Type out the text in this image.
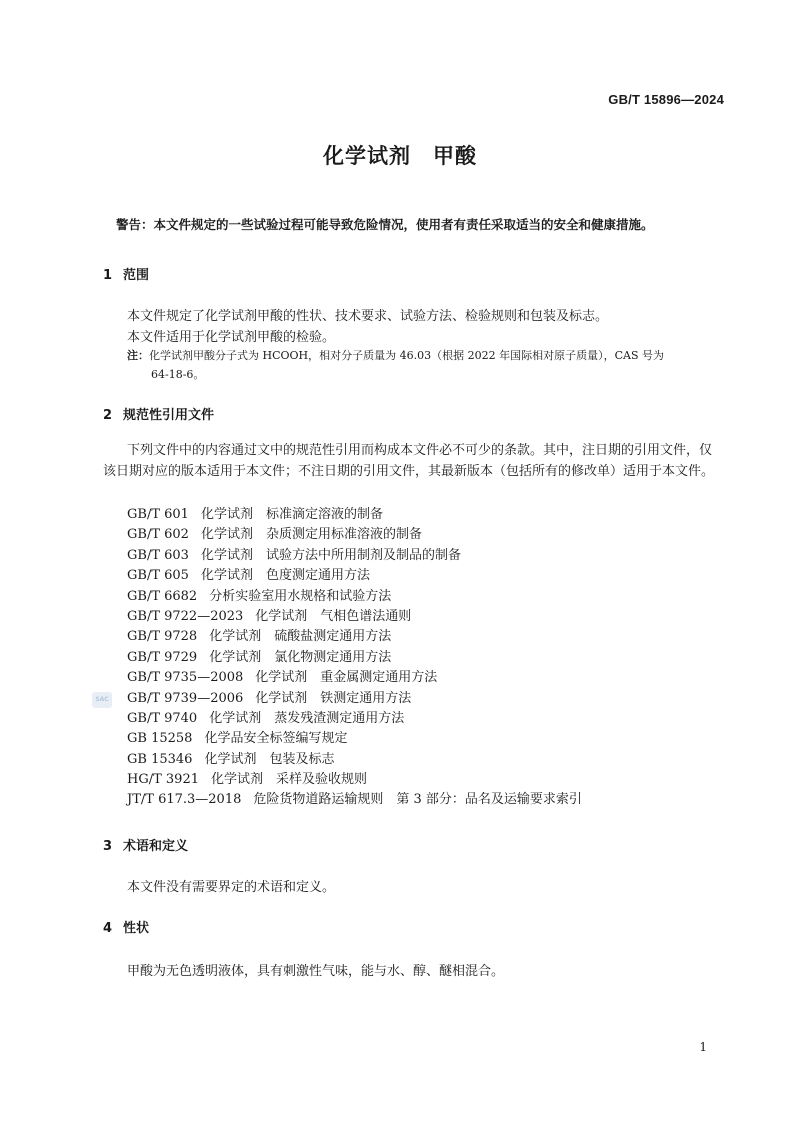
GB/T 15896—2024
化学试剂　甲酸
警告：本文件规定的一些试验过程可能导致危险情况，使用者有责任采取适当的安全和健康措施。
1 范围
本文件规定了化学试剂甲酸的性状、技术要求、试验方法、检验规则和包装及标志。
本文件适用于化学试剂甲酸的检验。
注：化学试剂甲酸分子式为 HCOOH，相对分子质量为 46.03（根据 2022 年国际相对原子质量），CAS 号为
64-18-6。
2 规范性引用文件
下列文件中的内容通过文中的规范性引用而构成本文件必不可少的条款。其中，注日期的引用文件，仅该日期对应的版本适用于本文件；不注日期的引用文件，其最新版本（包括所有的修改单）适用于本文件。
SAC
GB/T 601 化学试剂　标准滴定溶液的制备
GB/T 602 化学试剂　杂质测定用标准溶液的制备
GB/T 603 化学试剂　试验方法中所用制剂及制品的制备
GB/T 605 化学试剂　色度测定通用方法
GB/T 6682 分析实验室用水规格和试验方法
GB/T 9722—2023 化学试剂　气相色谱法通则
GB/T 9728 化学试剂　硫酸盐测定通用方法
GB/T 9729 化学试剂　氯化物测定通用方法
GB/T 9735—2008 化学试剂　重金属测定通用方法
GB/T 9739—2006 化学试剂　铁测定通用方法
GB/T 9740 化学试剂　蒸发残渣测定通用方法
GB 15258 化学品安全标签编写规定
GB 15346 化学试剂　包装及标志
HG/T 3921 化学试剂　采样及验收规则
JT/T 617.3—2018 危险货物道路运输规则　第 3 部分：品名及运输要求索引
3 术语和定义
本文件没有需要界定的术语和定义。
4 性状
甲酸为无色透明液体，具有刺激性气味，能与水、醇、醚相混合。
1
